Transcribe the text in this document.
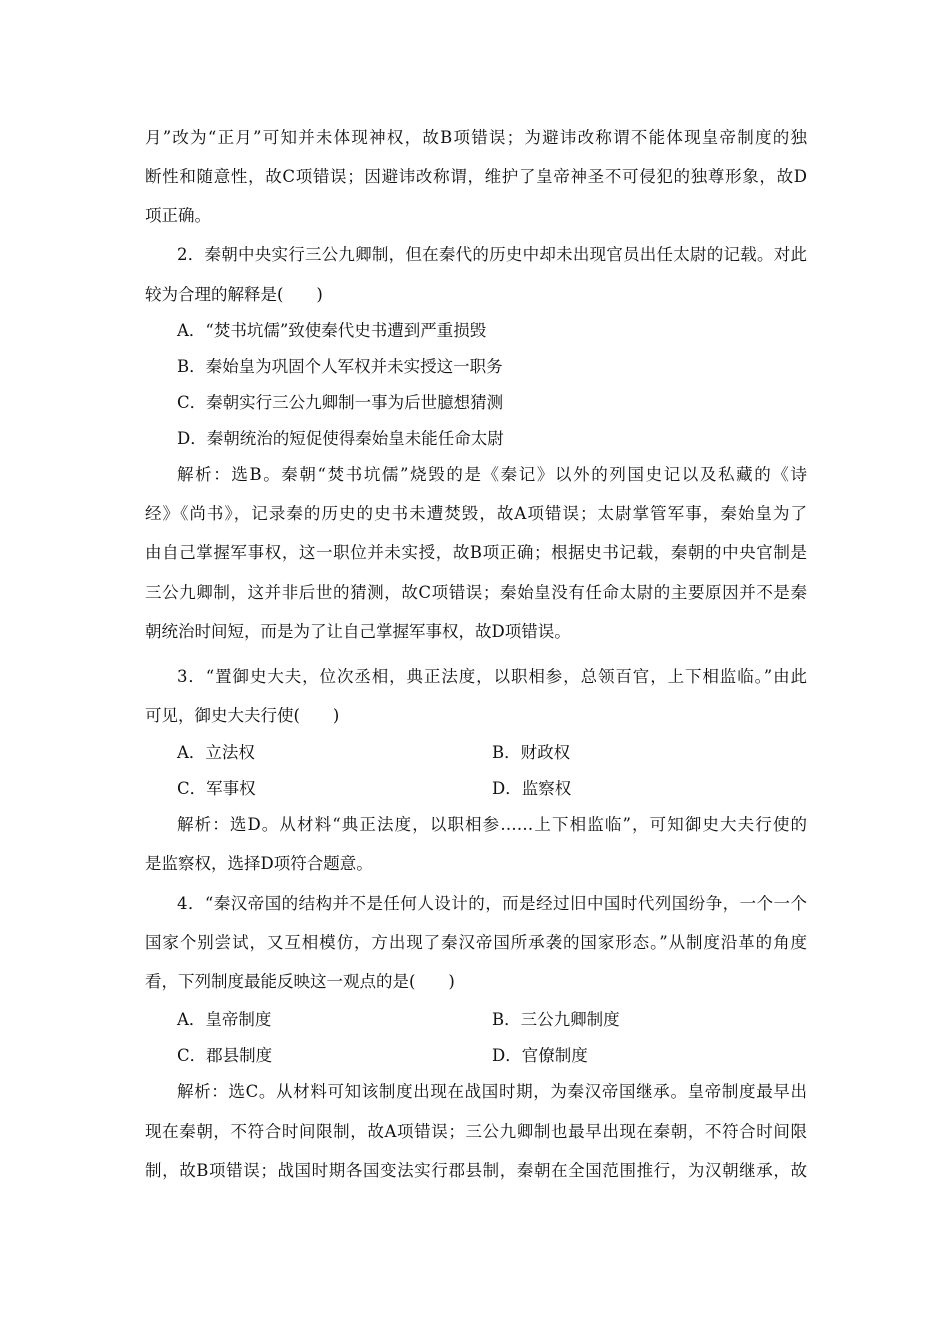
月”改为“正月”可知并未体现神权，故B项错误；为避讳改称谓不能体现皇帝制度的独
断性和随意性，故C项错误；因避讳改称谓，维护了皇帝神圣不可侵犯的独尊形象，故D
项正确。
2．秦朝中央实行三公九卿制，但在秦代的历史中却未出现官员出任太尉的记载。对此
较为合理的解释是(　　)
A．“焚书坑儒”致使秦代史书遭到严重损毁
B．秦始皇为巩固个人军权并未实授这一职务
C．秦朝实行三公九卿制一事为后世臆想猜测
D．秦朝统治的短促使得秦始皇未能任命太尉
解析：选B。秦朝“焚书坑儒”烧毁的是《秦记》以外的列国史记以及私藏的《诗
经》《尚书》，记录秦的历史的史书未遭焚毁，故A项错误；太尉掌管军事，秦始皇为了
由自己掌握军事权，这一职位并未实授，故B项正确；根据史书记载，秦朝的中央官制是
三公九卿制，这并非后世的猜测，故C项错误；秦始皇没有任命太尉的主要原因并不是秦
朝统治时间短，而是为了让自己掌握军事权，故D项错误。
3．“置御史大夫，位次丞相，典正法度，以职相参，总领百官，上下相监临。”由此
可见，御史大夫行使(　　)
A．立法权	B．财政权
C．军事权	D．监察权
解析：选D。从材料“典正法度，以职相参……上下相监临”，可知御史大夫行使的
是监察权，选择D项符合题意。
4．“秦汉帝国的结构并不是任何人设计的，而是经过旧中国时代列国纷争，一个一个
国家个别尝试，又互相模仿，方出现了秦汉帝国所承袭的国家形态。”从制度沿革的角度
看，下列制度最能反映这一观点的是(　　)
A．皇帝制度	B．三公九卿制度
C．郡县制度	D．官僚制度
解析：选C。从材料可知该制度出现在战国时期，为秦汉帝国继承。皇帝制度最早出
现在秦朝，不符合时间限制，故A项错误；三公九卿制也最早出现在秦朝，不符合时间限
制，故B项错误；战国时期各国变法实行郡县制，秦朝在全国范围推行，为汉朝继承，故
